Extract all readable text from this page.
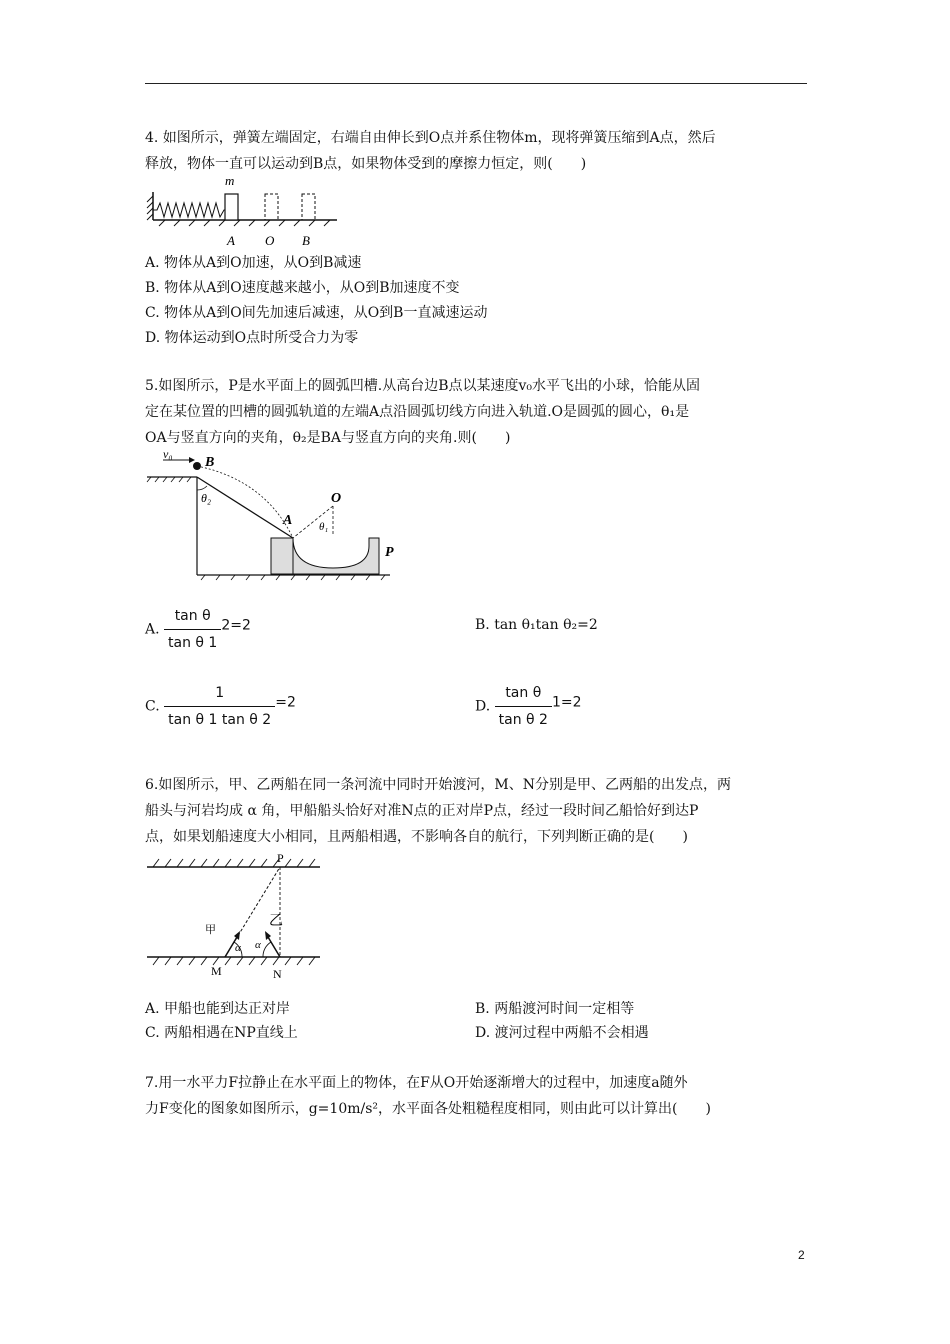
4. 如图所示，弹簧左端固定，右端自由伸长到O点并系住物体m，现将弹簧压缩到A点，然后
释放，物体一直可以运动到B点，如果物体受到的摩擦力恒定，则(　　)
m
A O B
A. 物体从A到O加速，从O到B减速
B. 物体从A到O速度越来越小，从O到B加速度不变
C. 物体从A到O间先加速后减速，从O到B一直减速运动
D. 物体运动到O点时所受合力为零
5.如图所示，P是水平面上的圆弧凹槽.从高台边B点以某速度v₀水平飞出的小球，恰能从固
定在某位置的凹槽的圆弧轨道的左端A点沿圆弧切线方向进入轨道.O是圆弧的圆心，θ₁是
OA与竖直方向的夹角，θ₂是BA与竖直方向的夹角.则(　　)
v₀
B
θ₂
A
O
θ₁
P
A. $\frac{\text{tan θ}}{\text{tan θ 1}} 2=2$	B. tan θ₁tan θ₂=2
C. $\frac{1}{\text{tan θ 1 tan θ 2}} =2$	D. $\frac{\text{tan θ}}{\text{tan θ 2}} 1=2$
6.如图所示，甲、乙两船在同一条河流中同时开始渡河，M、N分别是甲、乙两船的出发点，两
船头与河岩均成 α 角，甲船船头恰好对准N点的正对岸P点，经过一段时间乙船恰好到达P
点，如果划船速度大小相同，且两船相遇，不影响各自的航行，下列判断正确的是(　　)
P
甲
乙
α α
M	N
A. 甲船也能到达正对岸	B. 两船渡河时间一定相等
C. 两船相遇在NP直线上	D. 渡河过程中两船不会相遇
7.用一水平力F拉静止在水平面上的物体，在F从O开始逐渐增大的过程中，加速度a随外
力F变化的图象如图所示，g=10m/s²，水平面各处粗糙程度相同，则由此可以计算出(　　)
2
